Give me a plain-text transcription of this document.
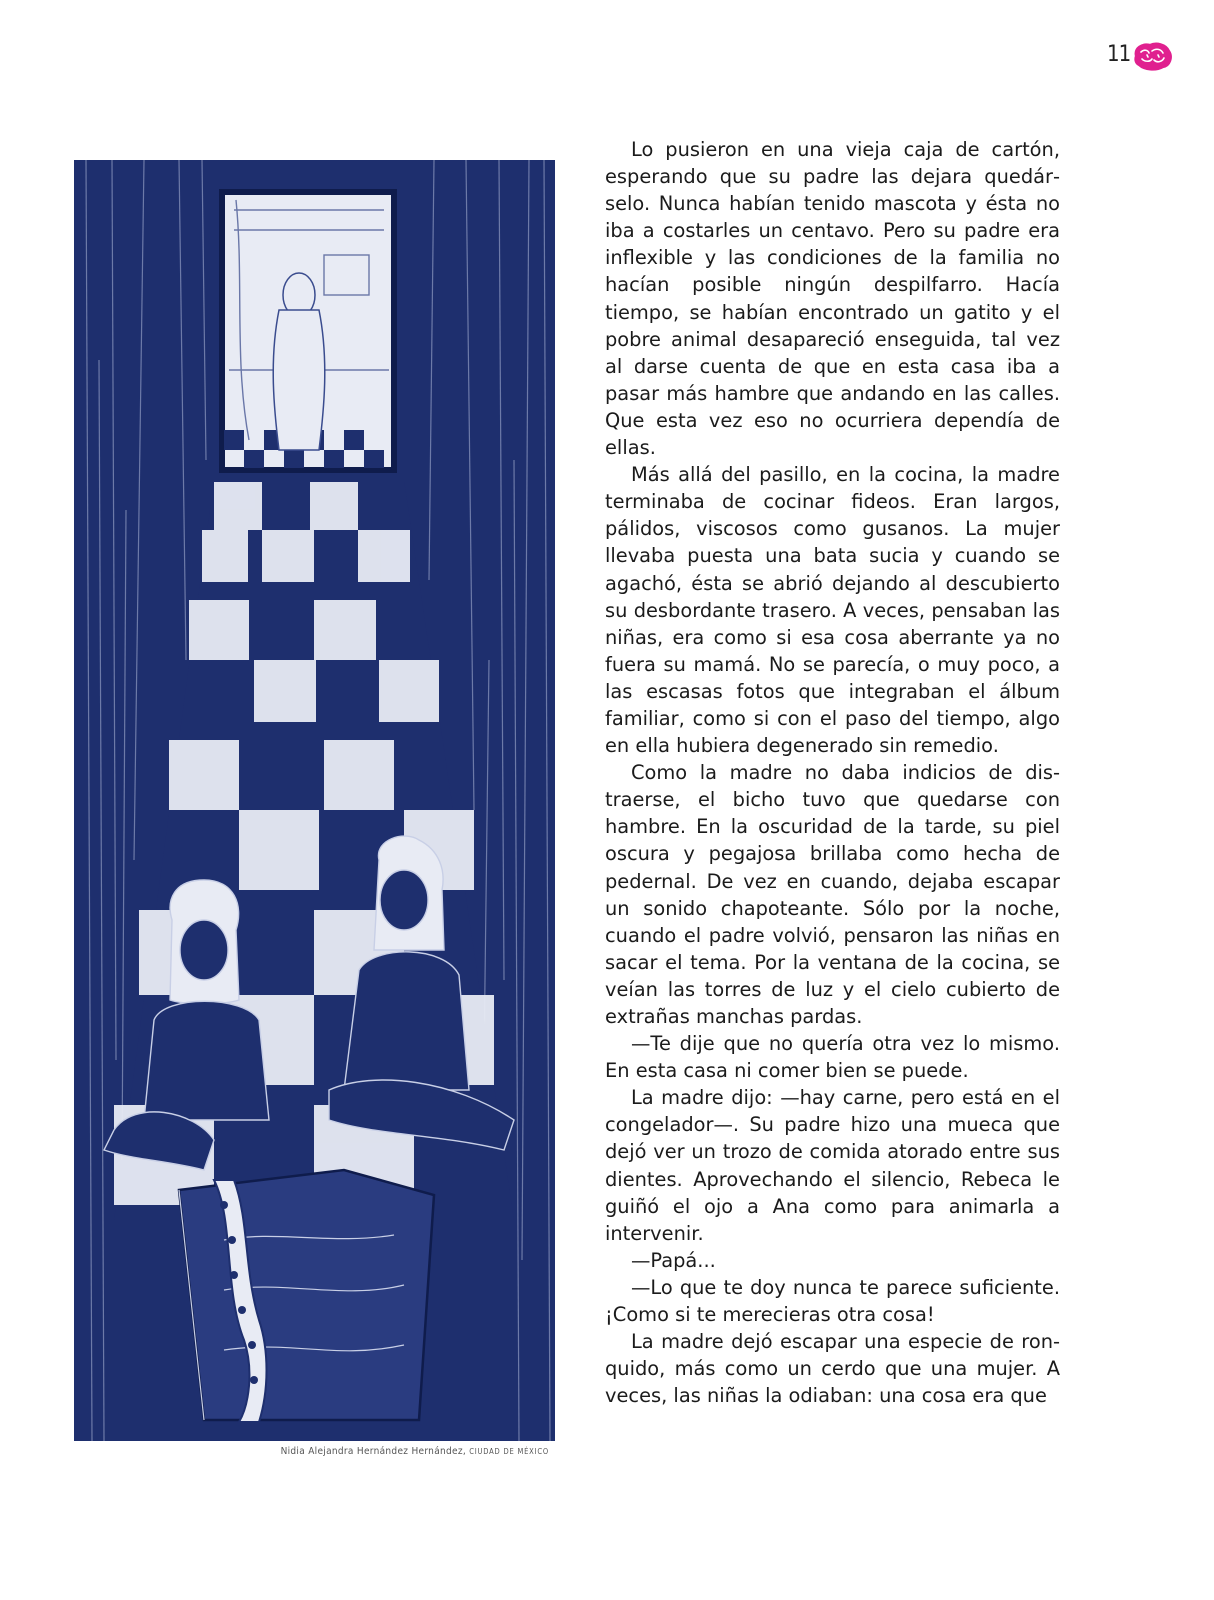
11
Nidia Alejandra Hernández Hernández, CIUDAD DE MÉXICO

Lo pusieron en una vieja caja de cartón, esperando que su padre las dejara quedárselo. Nunca habían tenido mascota y ésta no iba a costarles un centavo. Pero su padre era inflexible y las condiciones de la familia no hacían posible ningún despilfarro. Hacía tiempo, se habían encontrado un gatito y el pobre animal desapareció enseguida, tal vez al darse cuenta de que en esta casa iba a pasar más hambre que andando en las calles. Que esta vez eso no ocurriera dependía de ellas.

Más allá del pasillo, en la cocina, la madre terminaba de cocinar fideos. Eran largos, pálidos, viscosos como gusanos. La mujer llevaba puesta una bata sucia y cuando se agachó, ésta se abrió dejando al descubierto su desbordante trasero. A veces, pensaban las niñas, era como si esa cosa aberrante ya no fuera su mamá. No se parecía, o muy poco, a las escasas fotos que integraban el álbum familiar, como si con el paso del tiempo, algo en ella hubiera degenerado sin remedio.

Como la madre no daba indicios de distraerse, el bicho tuvo que quedarse con hambre. En la oscuridad de la tarde, su piel oscura y pegajosa brillaba como hecha de pedernal. De vez en cuando, dejaba escapar un sonido chapoteante. Sólo por la noche, cuando el padre volvió, pensaron las niñas en sacar el tema. Por la ventana de la cocina, se veían las torres de luz y el cielo cubierto de extrañas manchas pardas.

—Te dije que no quería otra vez lo mismo. En esta casa ni comer bien se puede.

La madre dijo: —hay carne, pero está en el congelador—. Su padre hizo una mueca que dejó ver un trozo de comida atorado entre sus dientes. Aprovechando el silencio, Rebeca le guiñó el ojo a Ana como para animarla a intervenir.

—Papá...

—Lo que te doy nunca te parece suficiente. ¡Como si te merecieras otra cosa!

La madre dejó escapar una especie de ronquido, más como un cerdo que una mujer. A veces, las niñas la odiaban: una cosa era que
